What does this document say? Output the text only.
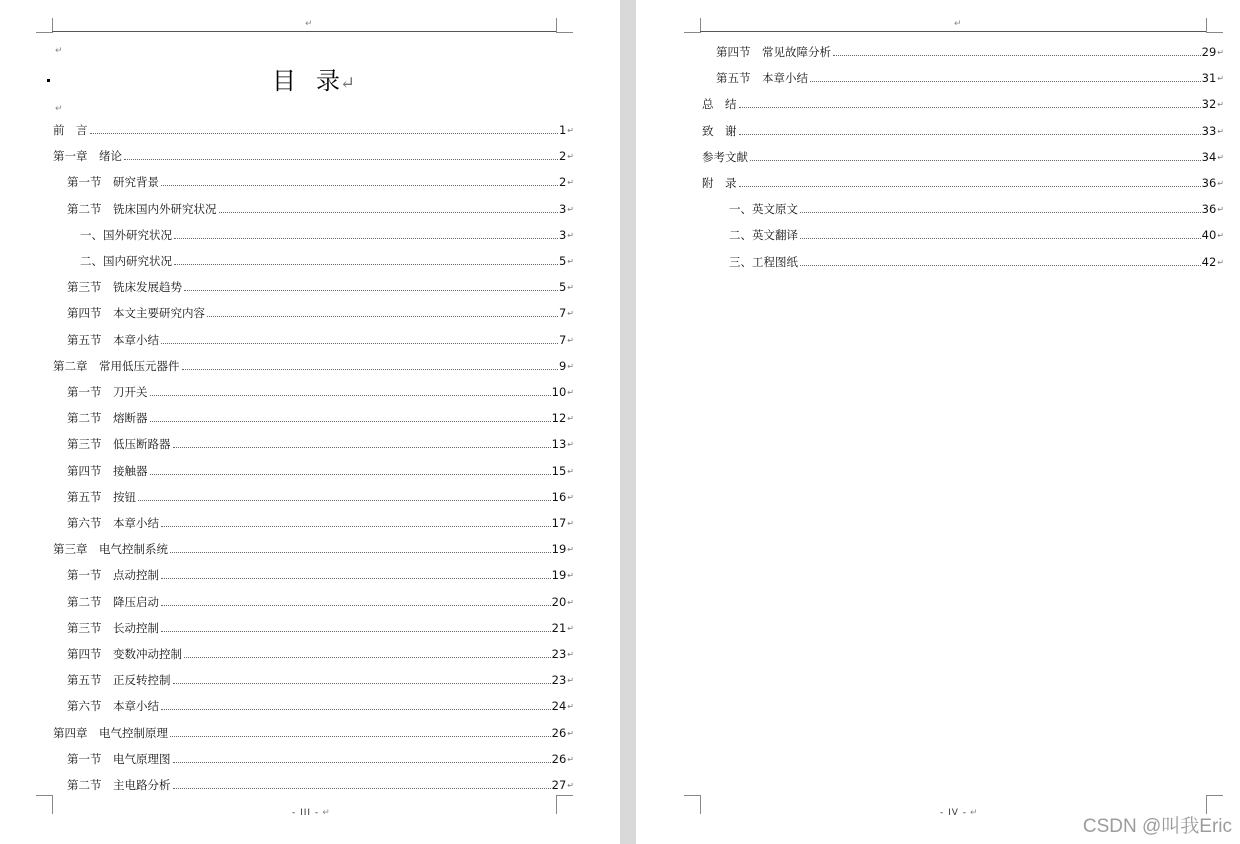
↵
↵
目 录↵
↵
前　言	1 ↵
第一章　绪论	2 ↵
第一节　研究背景	2 ↵
第二节　铣床国内外研究状况	3 ↵
一、国外研究状况	3 ↵
二、国内研究状况	5 ↵
第三节　铣床发展趋势	5 ↵
第四节　本文主要研究内容	7 ↵
第五节　本章小结	7 ↵
第二章　常用低压元器件	9 ↵
第一节　刀开关	10 ↵
第二节　熔断器	12 ↵
第三节　低压断路器	13 ↵
第四节　接触器	15 ↵
第五节　按钮	16 ↵
第六节　本章小结	17 ↵
第三章　电气控制系统	19 ↵
第一节　点动控制	19 ↵
第二节　降压启动	20 ↵
第三节　长动控制	21 ↵
第四节　变数冲动控制	23 ↵
第五节　正反转控制	23 ↵
第六节　本章小结	24 ↵
第四章　电气控制原理	26 ↵
第一节　电气原理图	26 ↵
第二节　主电路分析	27 ↵
- III - ↵
↵
第四节　常见故障分析	29 ↵
第五节　本章小结	31 ↵
总　结	32 ↵
致　谢	33 ↵
参考文献	34 ↵
附　录	36 ↵
一、英文原文	36 ↵
二、英文翻译	40 ↵
三、工程图纸	42 ↵
- IV - ↵
CSDN @叫我Eric
